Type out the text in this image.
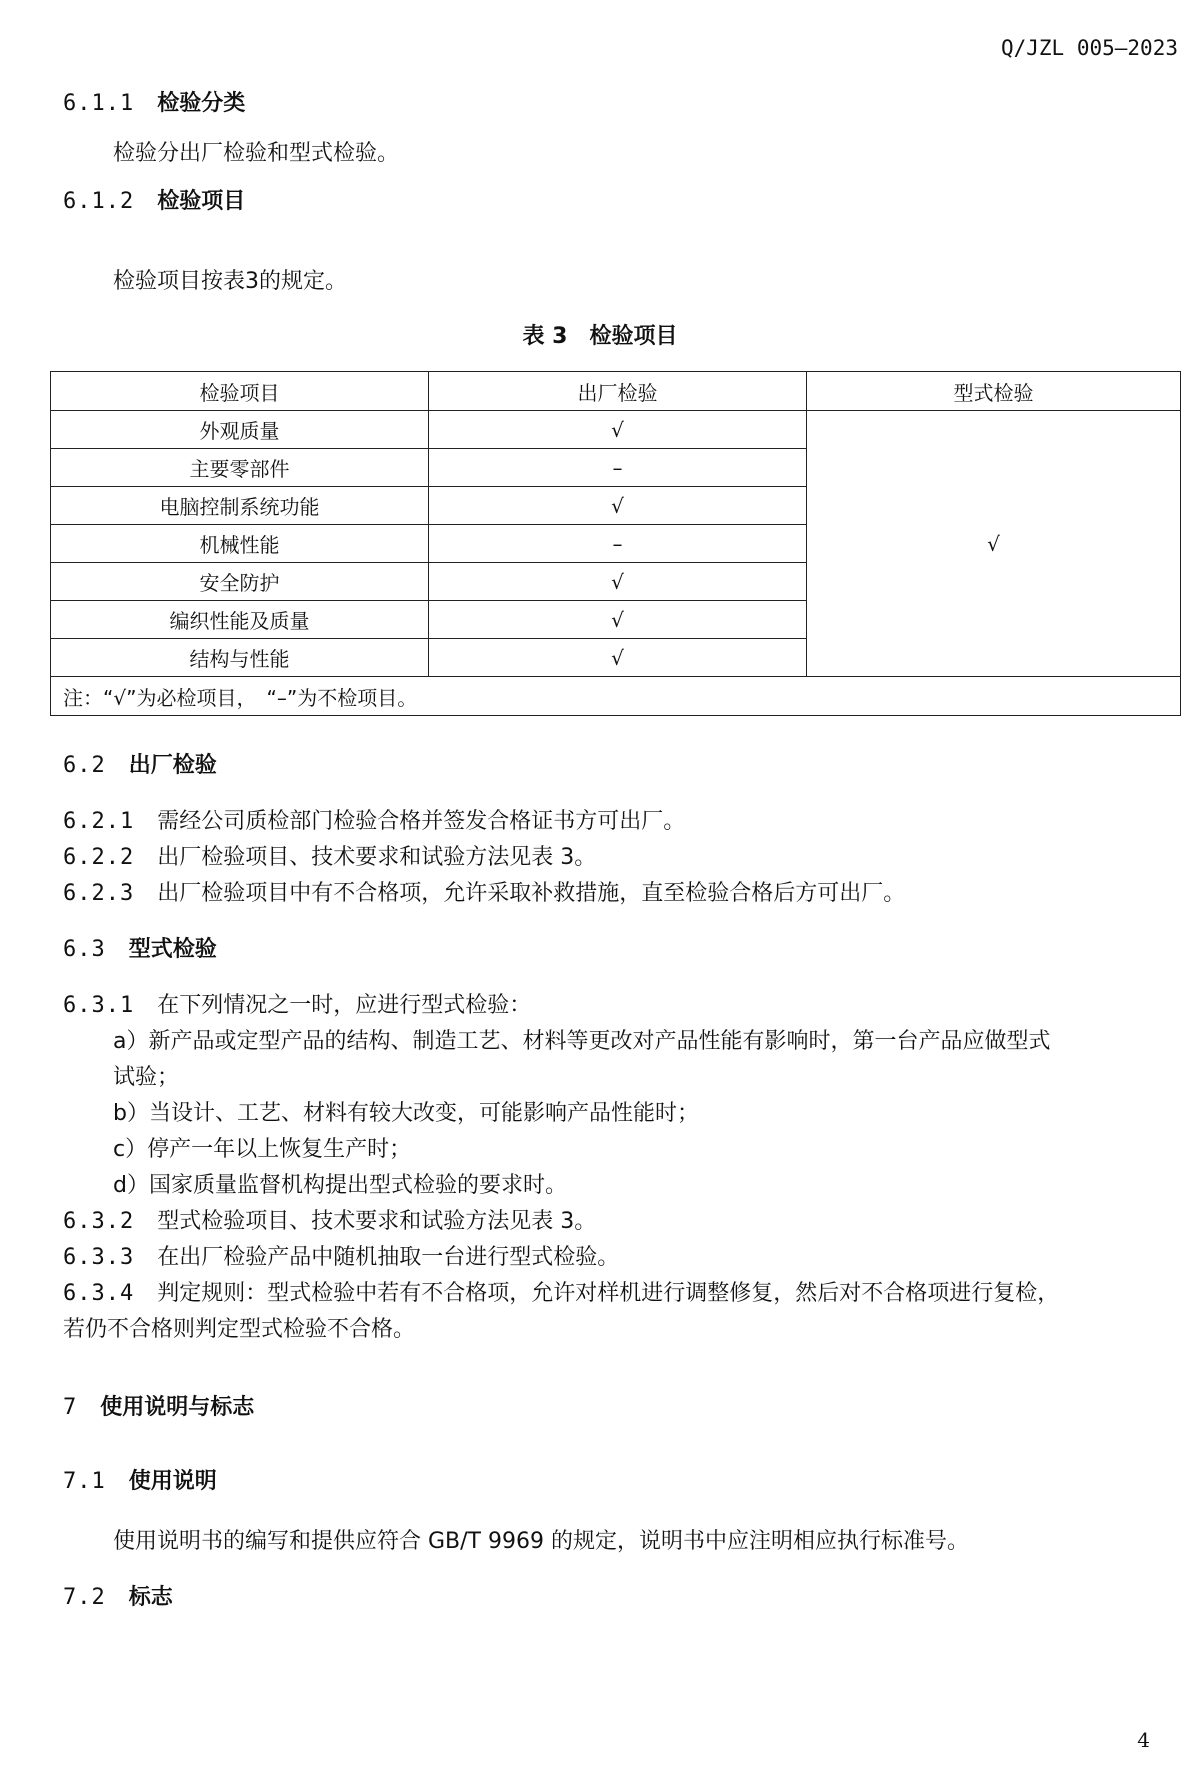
Q/JZL 005—2023
6.1.1 检验分类
检验分出厂检验和型式检验。
6.1.2 检验项目
检验项目按表3的规定。
表 3　检验项目
检验项目	出厂检验	型式检验
外观质量	√	√
主要零部件	–	
电脑控制系统功能	√	
机械性能	–	
安全防护	√	
编织性能及质量	√	
结构与性能	√	
注：“√”为必检项目，　“–”为不检项目。		
6.2 出厂检验
6.2.1 需经公司质检部门检验合格并签发合格证书方可出厂。
6.2.2 出厂检验项目、技术要求和试验方法见表 3。
6.2.3 出厂检验项目中有不合格项，允许采取补救措施，直至检验合格后方可出厂。
6.3 型式检验
6.3.1 在下列情况之一时，应进行型式检验：
a）新产品或定型产品的结构、制造工艺、材料等更改对产品性能有影响时，第一台产品应做型式
试验；
b）当设计、工艺、材料有较大改变，可能影响产品性能时；
c）停产一年以上恢复生产时；
d）国家质量监督机构提出型式检验的要求时。
6.3.2 型式检验项目、技术要求和试验方法见表 3。
6.3.3 在出厂检验产品中随机抽取一台进行型式检验。
6.3.4 判定规则：型式检验中若有不合格项，允许对样机进行调整修复，然后对不合格项进行复检，
若仍不合格则判定型式检验不合格。
7 使用说明与标志
7.1 使用说明
使用说明书的编写和提供应符合 GB/T 9969 的规定，说明书中应注明相应执行标准号。
7.2 标志
4
